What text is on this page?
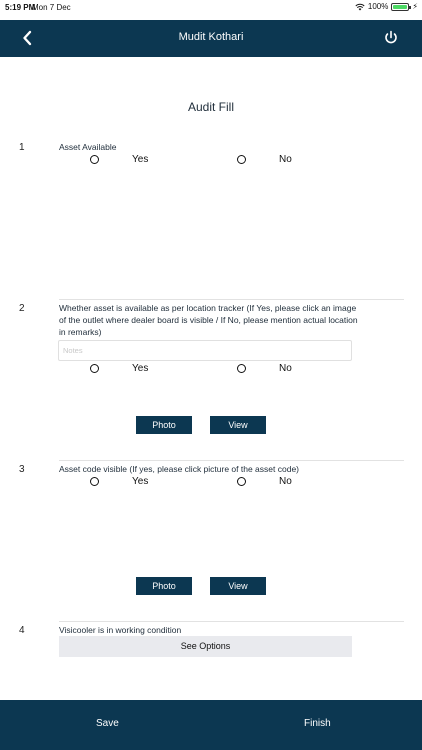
5:19 PM
Mon 7 Dec	100%	⚡
Mudit Kothari
Audit Fill
1	Asset Available
Yes	No
2	Whether asset is available as per location tracker (If Yes, please click an image of the outlet where dealer board is visible / If No, please mention actual location in remarks)
Notes
Yes	No
Photo	View
3	Asset code visible (If yes, please click picture of the asset code)
Yes	No
Photo	View
4	Visicooler is in working condition
See Options
Save	Finish
